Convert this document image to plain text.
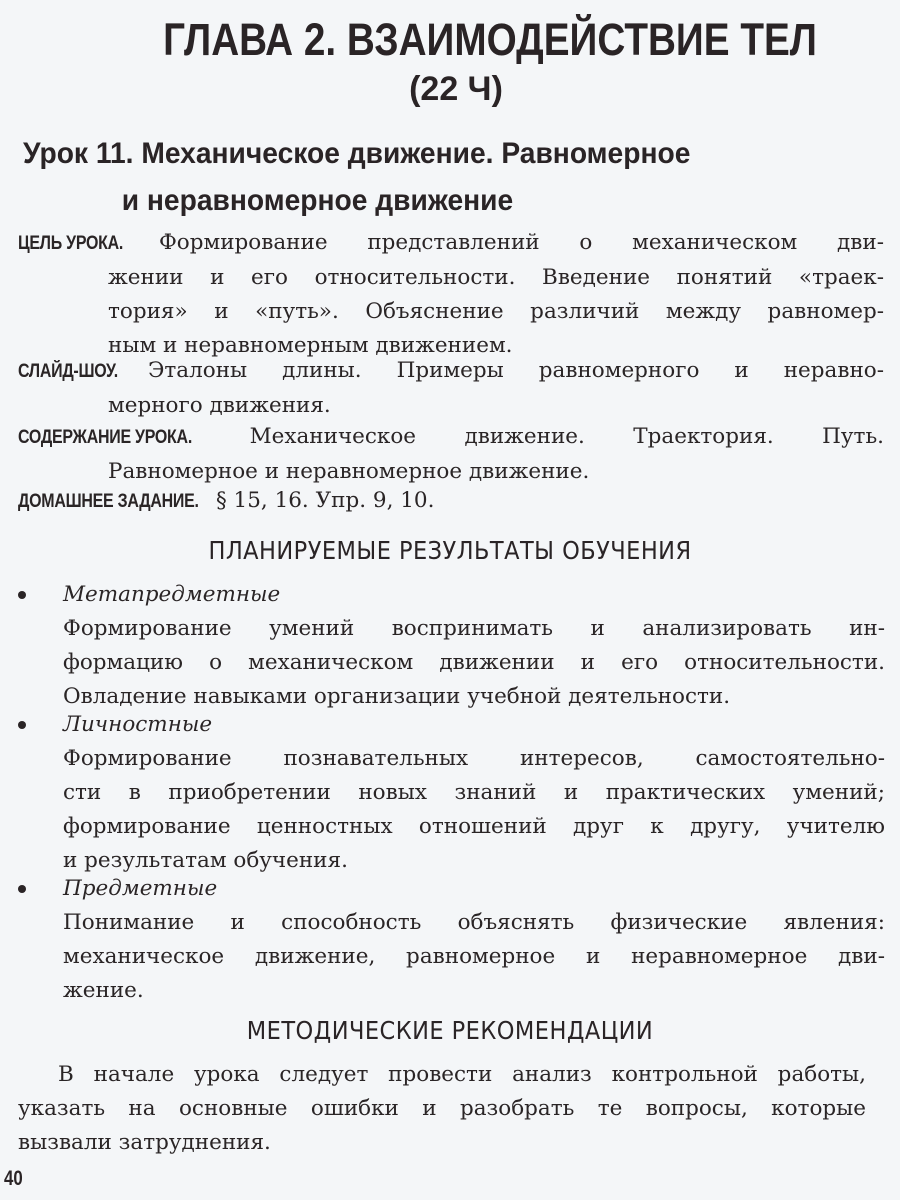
ГЛАВА 2. ВЗАИМОДЕЙСТВИЕ ТЕЛ
(22 Ч)
Урок 11. Механическое движение. Равномерное
и неравномерное движение
ЦЕЛЬ УРОКА. Формирование представлений о механическом дви-
жении и его относительности. Введение понятий «траек-
тория» и «путь». Объяснение различий между равномер-
ным и неравномерным движением.
СЛАЙД-ШОУ. Эталоны длины. Примеры равномерного и неравно-
мерного движения.
СОДЕРЖАНИЕ УРОКА.	Механическое движение. Траектория. Путь.
Равномерное и неравномерное движение.
ДОМАШНЕЕ ЗАДАНИЕ. § 15, 16. Упр. 9, 10.
ПЛАНИРУЕМЫЕ РЕЗУЛЬТАТЫ ОБУЧЕНИЯ
Метапредметные
Формирование умений воспринимать и анализировать ин-
формацию о механическом движении и его относительности.
Овладение навыками организации учебной деятельности.
Личностные
Формирование познавательных интересов, самостоятельно-
сти в приобретении новых знаний и практических умений;
формирование ценностных отношений друг к другу, учителю
и результатам обучения.
Предметные
Понимание и способность объяснять физические явления:
механическое движение, равномерное и неравномерное дви-
жение.
МЕТОДИЧЕСКИЕ РЕКОМЕНДАЦИИ
В начале урока следует провести анализ контрольной работы,
указать на основные ошибки и разобрать те вопросы, которые
вызвали затруднения.
40
